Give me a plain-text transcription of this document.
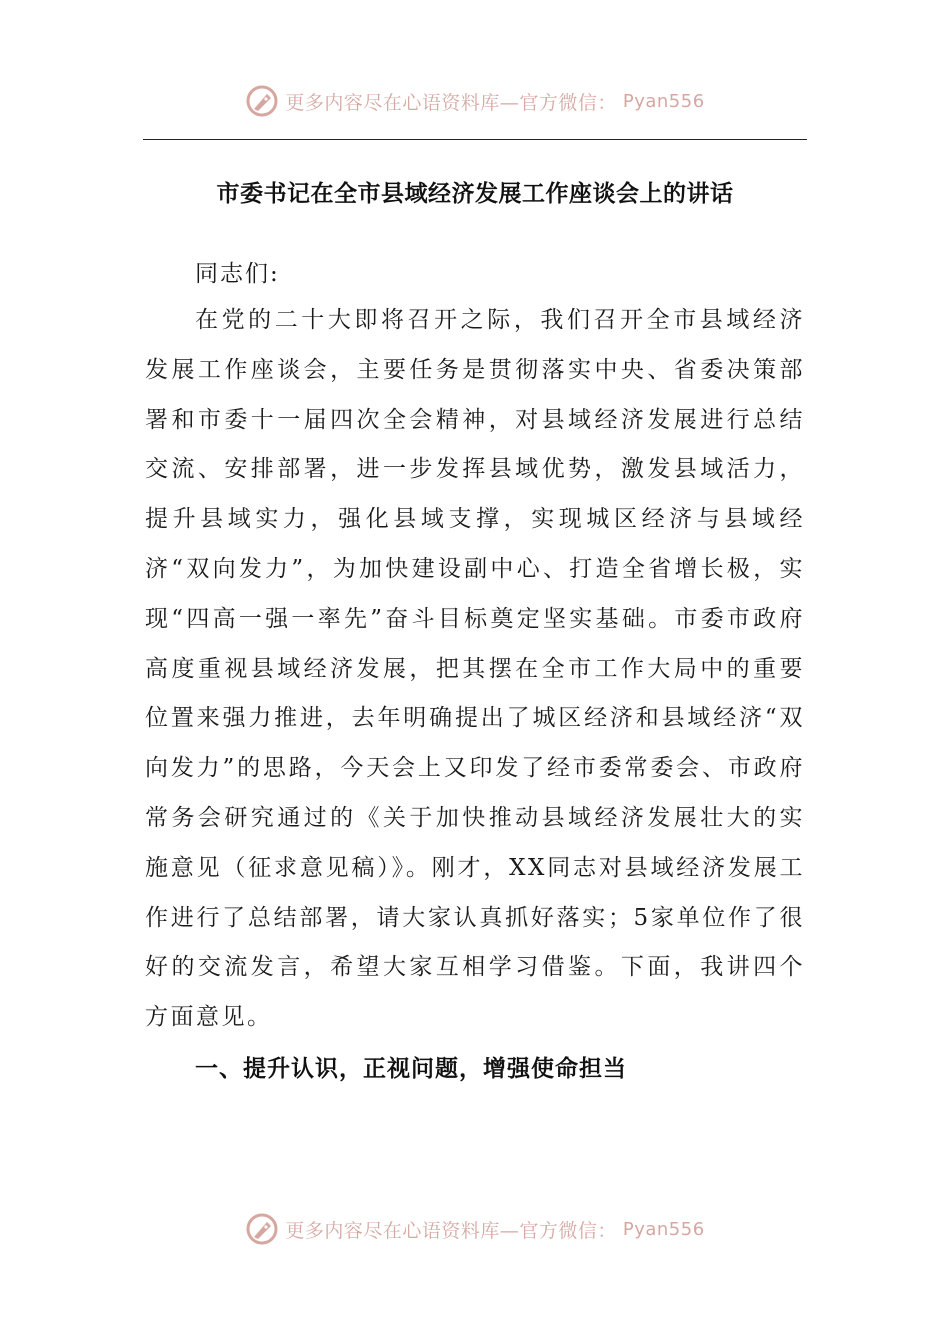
更多内容尽在心语资料库—官方微信： Pyan556
市委书记在全市县域经济发展工作座谈会上的讲话

同志们:

在党的二十大即将召开之际，我们召开全市县域经济发展工作座谈会，主要任务是贯彻落实中央、省委决策部署和市委十一届四次全会精神，对县域经济发展进行总结交流、安排部署，进一步发挥县域优势，激发县域活力，提升县域实力，强化县域支撑，实现城区经济与县域经济“双向发力”，为加快建设副中心、打造全省增长极，实现“四高一强一率先”奋斗目标奠定坚实基础。市委市政府高度重视县域经济发展，把其摆在全市工作大局中的重要位置来强力推进，去年明确提出了城区经济和县域经济“双向发力”的思路，今天会上又印发了经市委常委会、市政府常务会研究通过的《关于加快推动县域经济发展壮大的实施意见（征求意见稿）》。刚才，XX同志对县域经济发展工作进行了总结部署，请大家认真抓好落实；5家单位作了很好的交流发言，希望大家互相学习借鉴。下面，我讲四个方面意见。

一、提升认识，正视问题，增强使命担当
更多内容尽在心语资料库—官方微信： Pyan556
